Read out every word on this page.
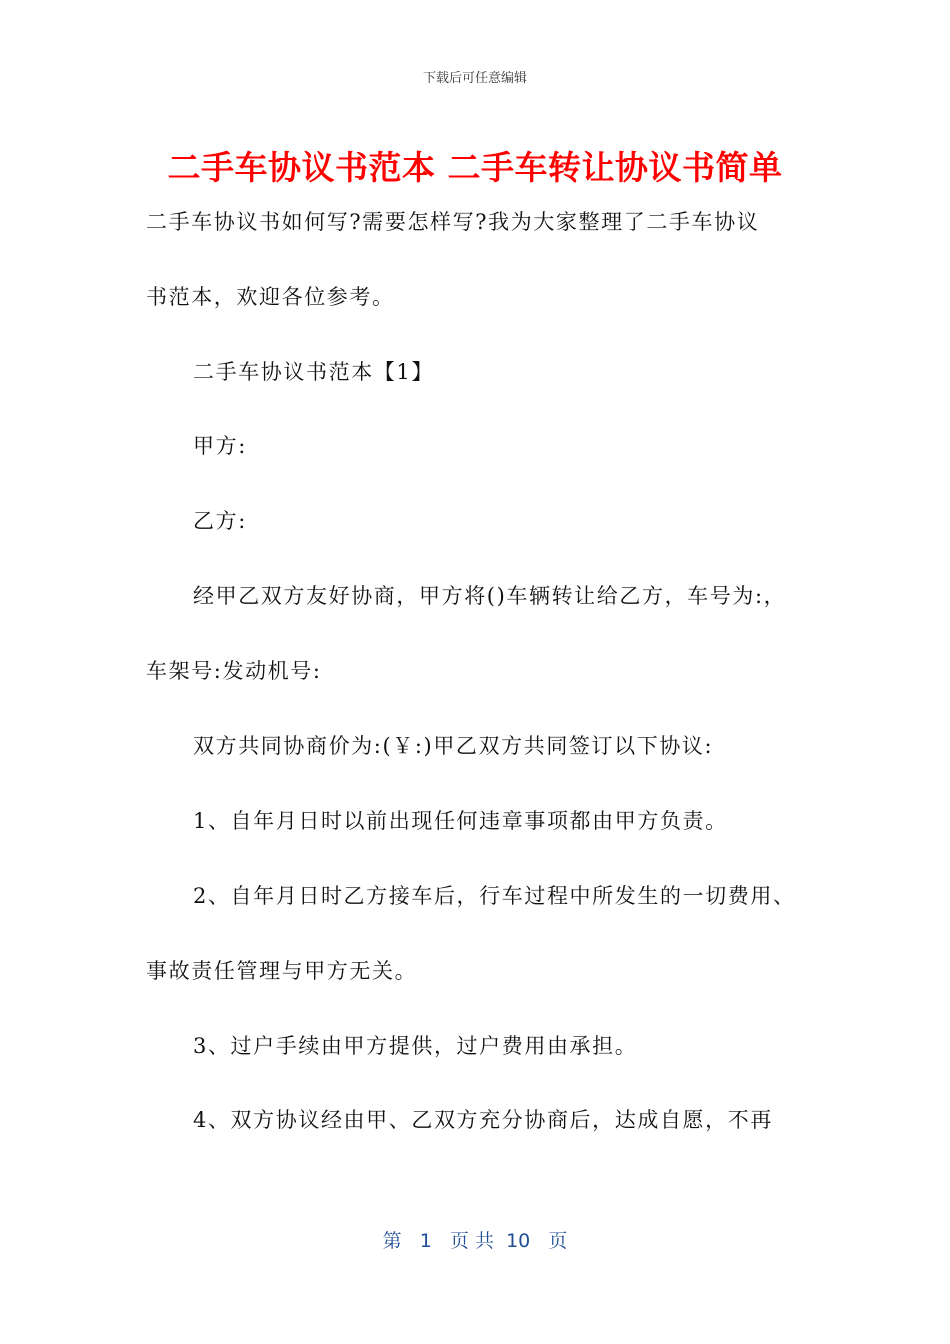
下载后可任意编辑
二手车协议书范本 二手车转让协议书简单
二手车协议书如何写?需要怎样写?我为大家整理了二手车协议
书范本，欢迎各位参考。
二手车协议书范本【1】
甲方:
乙方:
经甲乙双方友好协商，甲方将()车辆转让给乙方，车号为:，
车架号:发动机号:
双方共同协商价为:(￥:)甲乙双方共同签订以下协议:
1、自年月日时以前出现任何违章事项都由甲方负责。
2、自年月日时乙方接车后，行车过程中所发生的一切费用、
事故责任管理与甲方无关。
3、过户手续由甲方提供，过户费用由承担。
4、双方协议经由甲、乙双方充分协商后，达成自愿，不再
第 1 页 共 10 页
